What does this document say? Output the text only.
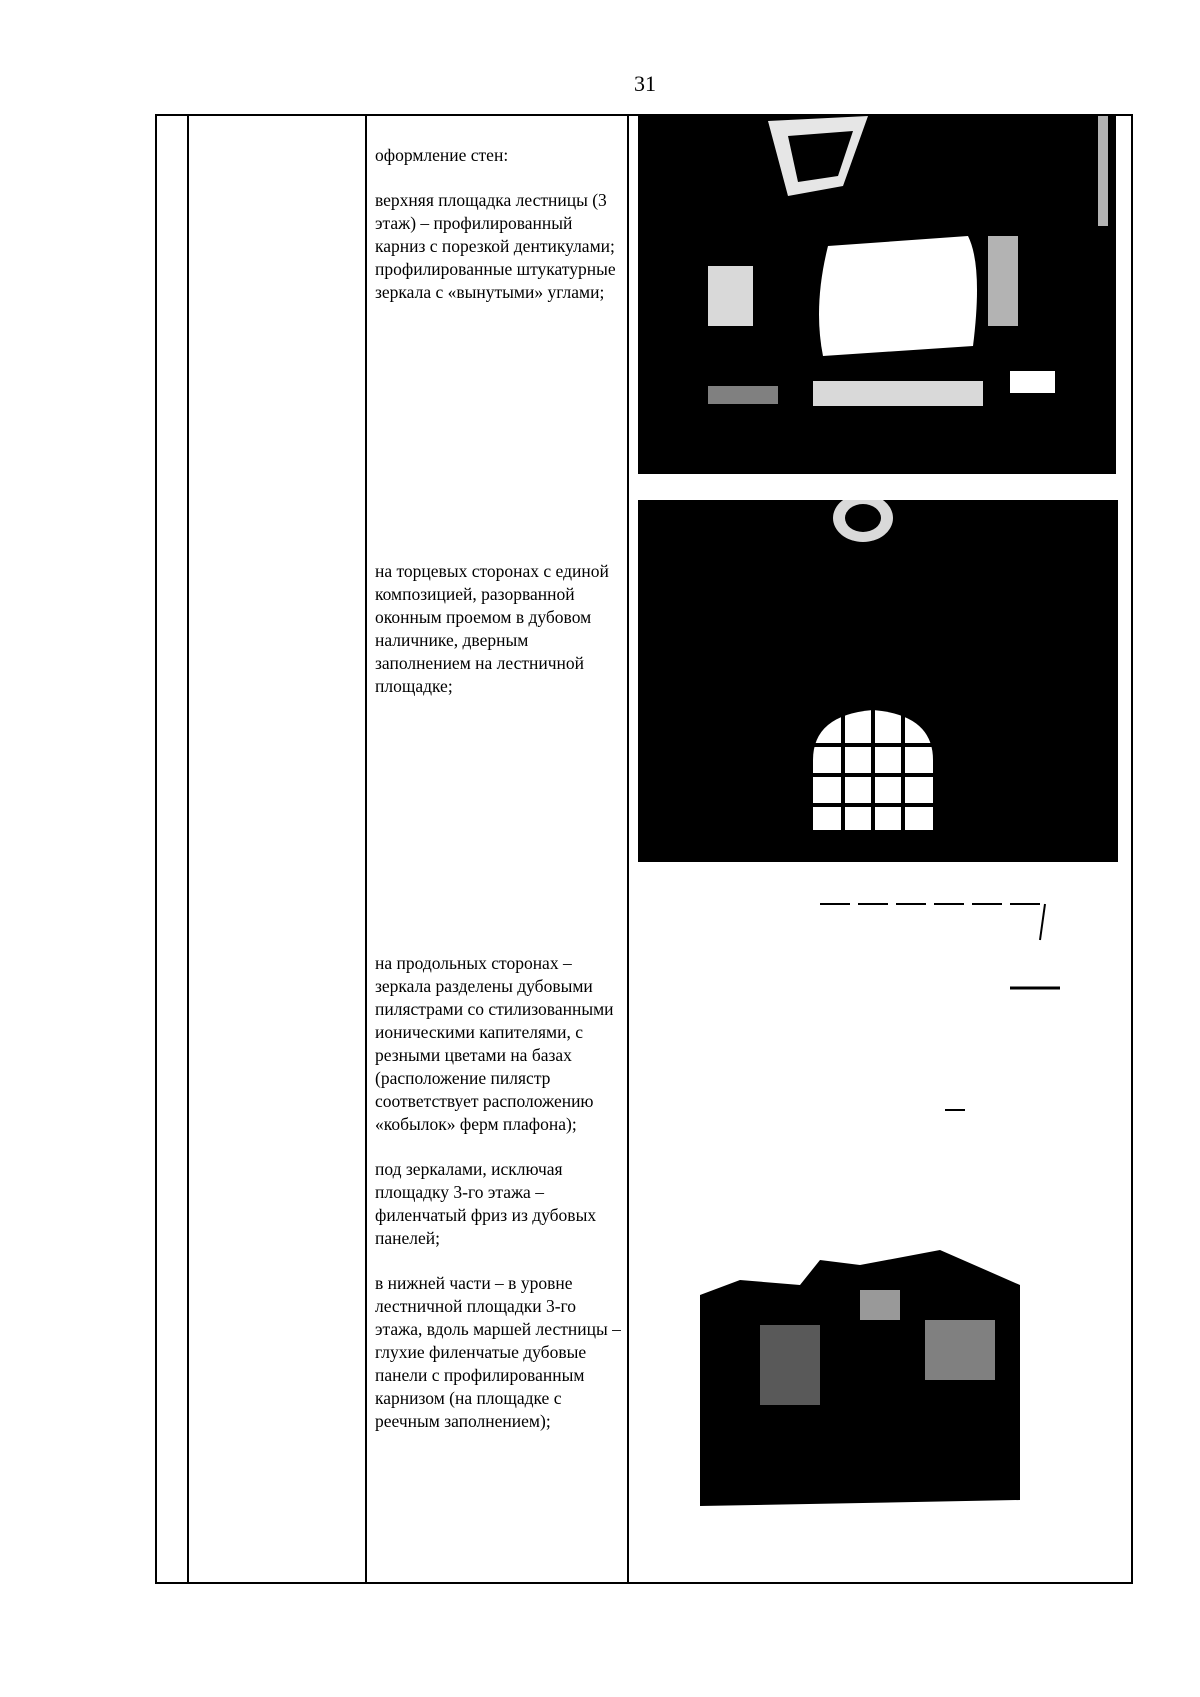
31

оформление стен:

верхняя площадка лестницы (3 этаж) – профилированный карниз с порезкой дентикулами; профилированные штукатурные зеркала с «вынутыми» углами;

на торцевых сторонах с единой композицией, разорванной оконным проемом в дубовом наличнике, дверным заполнением на лестничной площадке;

на продольных сторонах – зеркала разделены дубовыми пилястрами со стилизованными ионическими капителями, с резными цветами на базах (расположение пилястр соответствует расположению «кобылок» ферм плафона);

под зеркалами, исключая площадку 3-го этажа – филенчатый фриз из дубовых панелей;

в нижней части – в уровне лестничной площадки 3-го этажа, вдоль маршей лестницы – глухие филенчатые дубовые панели с профилированным карнизом (на площадке с реечным заполнением);
